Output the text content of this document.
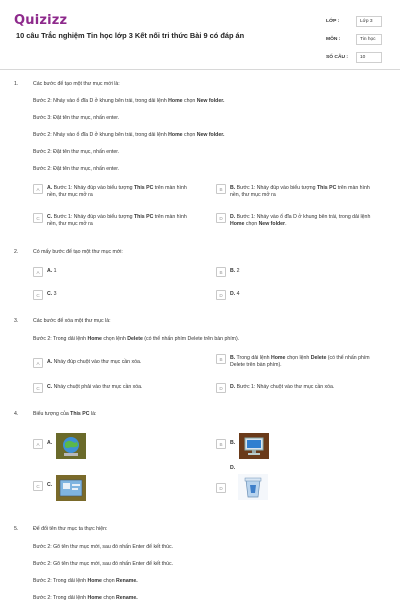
Quizizz
10 câu Trắc nghiệm Tin học lớp 3 Kết nối tri thức Bài 9 có đáp án
LỚP :	Lớp 3
MÔN :	Tin học
SỐ CÂU :	10
1.	Các bước để tạo một thư mục mới là:
Bước 2: Nháy vào ổ đĩa D ở khung bên trái, trong dải lệnh Home chọn New folder.
Bước 3: Đặt tên thư mục, nhấn enter.
Bước 2: Nháy vào ổ đĩa D ở khung bên trái, trong dải lệnh Home chọn New folder.
Bước 2: Đặt tên thư mục, nhấn enter.
Bước 2: Đặt tên thư mục, nhấn enter.
A	A. Bước 1: Nháy đúp vào biểu tượng This PC trên màn hình nền, thư mục mở ra
B	B. Bước 1: Nháy đúp vào biểu tượng This PC trên màn hình nền, thư mục mở ra
C	C. Bước 1: Nháy đúp vào biểu tượng This PC trên màn hình nền, thư mục mở ra
D	D. Bước 1: Nháy vào ổ đĩa D ở khung bên trái, trong dải lệnh Home chọn New folder.
2.	Có mấy bước để tạo một thư mục mới:
A	A. 1	B	B. 2
C	C. 3	D	D. 4
3.	Các bước để xóa một thư mục là:
Bước 2: Trong dải lệnh Home chọn lệnh Delete (có thể nhấn phím Delete trên bàn phím).
A	A. Nháy đúp chuột vào thư mục cần xóa.	B	B. Trong dải lệnh Home chọn lệnh Delete (có thể nhấn phím Delete trên bàn phím).
C	C. Nháy chuột phải vào thư mục cần xóa.	D	D. Bước 1: Nháy chuột vào thư mục cần xóa.
4.	Biểu tượng của This PC là:
A	A.	B	B.
C	C.	D
D.
5.	Để đổi tên thư mục ta thực hiện:
Bước 2: Gõ tên thư mục mới, sau đó nhấn Enter để kết thúc.
Bước 2: Gõ tên thư mục mới, sau đó nhấn Enter để kết thúc.
Bước 2: Trong dải lệnh Home chọn Rename.
Bước 2: Trong dải lệnh Home chọn Rename.
